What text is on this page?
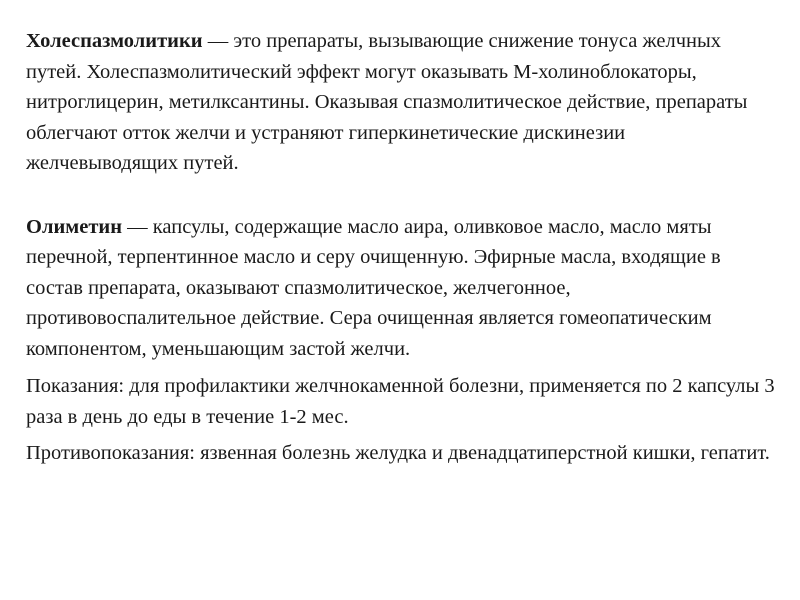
Холеспазмолитики — это препараты, вызывающие снижение тонуса желчных путей. Холеспазмолитический эффект могут оказывать М-холиноблокаторы, нитроглицерин, метилксантины. Оказывая спазмолитическое действие, препараты облегчают отток желчи и устраняют гиперкинетические дискинезии желчевыводящих путей.

Олиметин — капсулы, содержащие масло аира, оливковое масло, масло мяты перечной, терпентинное масло и серу очищенную. Эфирные масла, входящие в состав препарата, оказывают спазмолитическое, желчегонное, противовоспалительное действие. Сера очищенная является гомеопатическим компонентом, уменьшающим застой желчи.

Показания: для профилактики желчнокаменной болезни, применяется по 2 капсулы 3 раза в день до еды в течение 1-2 мес.

Противопоказания: язвенная болезнь желудка и двенадцатиперстной кишки, гепатит.
